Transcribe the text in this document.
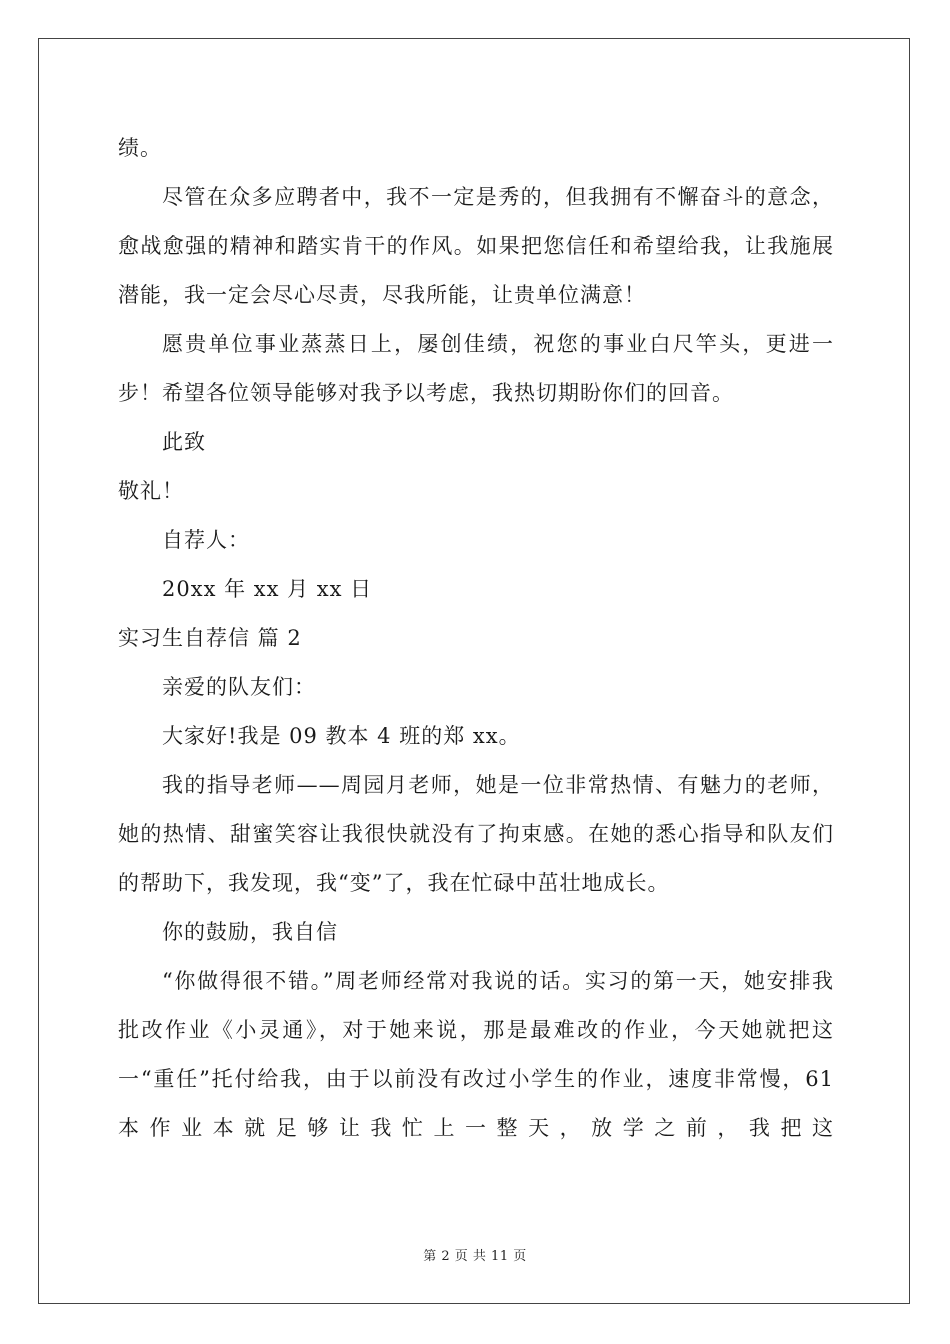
绩。

尽管在众多应聘者中，我不一定是秀的，但我拥有不懈奋斗的意念，愈战愈强的精神和踏实肯干的作风。如果把您信任和希望给我，让我施展潜能，我一定会尽心尽责，尽我所能，让贵单位满意！

愿贵单位事业蒸蒸日上，屡创佳绩，祝您的事业白尺竿头，更进一步！希望各位领导能够对我予以考虑，我热切期盼你们的回音。

此致

敬礼！

自荐人：

20xx 年 xx 月 xx 日

实习生自荐信 篇 2

亲爱的队友们：

大家好!我是 09 教本 4 班的郑 xx。

我的指导老师——周园月老师，她是一位非常热情、有魅力的老师，她的热情、甜蜜笑容让我很快就没有了拘束感。在她的悉心指导和队友们的帮助下，我发现，我“变”了，我在忙碌中茁壮地成长。

你的鼓励，我自信

“你做得很不错。”周老师经常对我说的话。实习的第一天，她安排我批改作业《小灵通》，对于她来说，那是最难改的作业，今天她就把这一“重任”托付给我，由于以前没有改过小学生的作业，速度非常慢，61 本作业本就足够让我忙上一整天，放学之前，我把这

第 2 页 共 11 页
